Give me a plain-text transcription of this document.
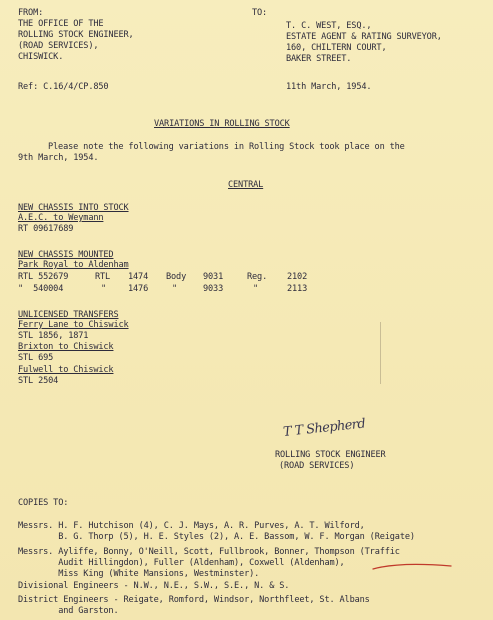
FROM:
THE OFFICE OF THE
ROLLING STOCK ENGINEER,
(ROAD SERVICES),
CHISWICK.
TO:
T. C. WEST, ESQ.,
ESTATE AGENT & RATING SURVEYOR,
160, CHILTERN COURT,
BAKER STREET.
Ref: C.16/4/CP.850	11th March, 1954.
VARIATIONS IN ROLLING STOCK
Please note the following variations in Rolling Stock took place on the
9th March, 1954.
CENTRAL
NEW CHASSIS INTO STOCK
A.E.C. to Weymann
RT 09617689
NEW CHASSIS MOUNTED
Park Royal to Aldenham
RTL 552679	RTL 1474 Body 9031	Reg. 2102
"  540004	"	1476	"	9033	"	2113
UNLICENSED TRANSFERS
Ferry Lane to Chiswick
STL 1856, 1871
Brixton to Chiswick
STL 695
Fulwell to Chiswick
STL 2504
T T Shepherd
ROLLING STOCK ENGINEER
(ROAD SERVICES)
COPIES TO:
Messrs. H. F. Hutchison (4), C. J. Mays, A. R. Purves, A. T. Wilford,
B. G. Thorp (5), H. E. Styles (2), A. E. Bassom, W. F. Morgan (Reigate)
Messrs. Ayliffe, Bonny, O'Neill, Scott, Fullbrook, Bonner, Thompson (Traffic
Audit Hillingdon), Fuller (Aldenham), Coxwell (Aldenham),
Miss King (White Mansions, Westminster).
Divisional Engineers - N.W., N.E., S.W., S.E., N. & S.
District Engineers - Reigate, Romford, Windsor, Northfleet, St. Albans
and Garston.
